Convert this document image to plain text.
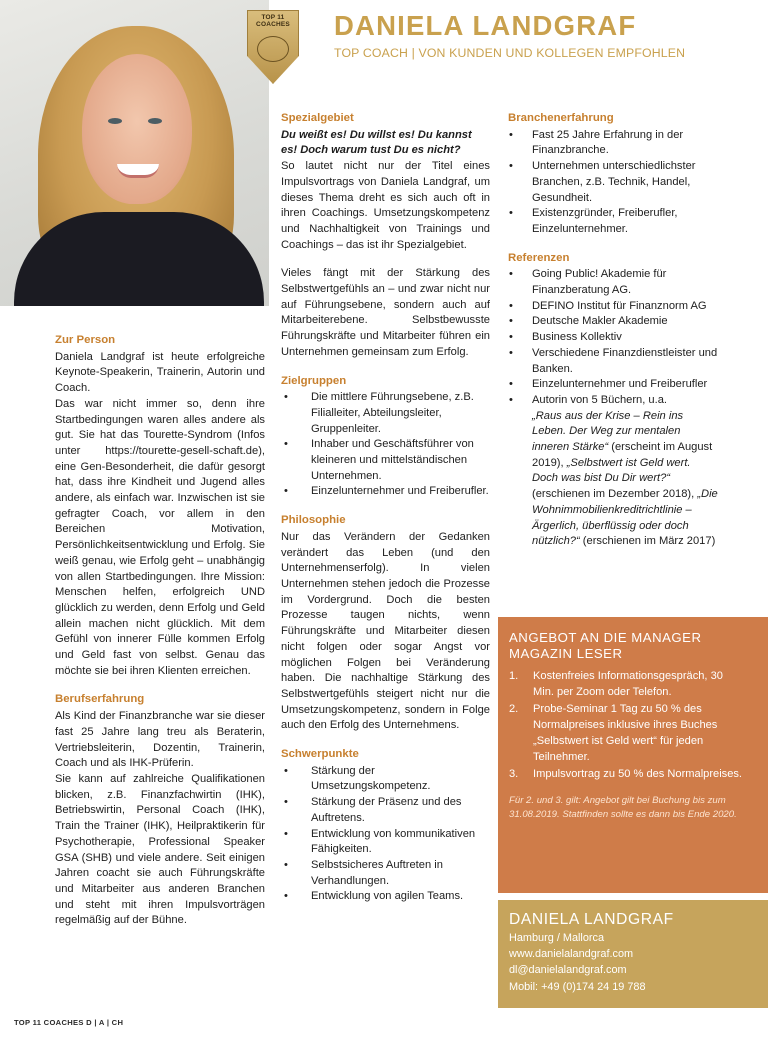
TOP 11 COACHES	DANIELA LANDGRAF
TOP COACH | VON KUNDEN UND KOLLEGEN EMPFOHLEN
Zur Person
Daniela Landgraf ist heute erfolgreiche Keynote-Speakerin, Trainerin, Autorin und Coach.
Das war nicht immer so, denn ihre Startbedingungen waren alles andere als gut. Sie hat das Tourette-Syndrom (Infos unter https://tourette-gesell-schaft.de), eine Gen-Besonderheit, die dafür gesorgt hat, dass ihre Kindheit und Jugend alles andere, als einfach war. Inzwischen ist sie gefragter Coach, vor allem in den Bereichen Motivation, Persönlichkeitsentwicklung und Erfolg. Sie weiß genau, wie Erfolg geht – unabhängig von allen Startbedingungen. Ihre Mission: Menschen helfen, erfolgreich UND glücklich zu werden, denn Erfolg und Geld allein machen nicht glücklich. Mit dem Gefühl von innerer Fülle kommen Erfolg und Geld fast von selbst. Genau das möchte sie bei ihren Klienten erreichen.
Berufserfahrung
Als Kind der Finanzbranche war sie dieser fast 25 Jahre lang treu als Beraterin, Vertriebsleiterin, Dozentin, Trainerin, Coach und als IHK-Prüferin.
Sie kann auf zahlreiche Qualifikationen blicken, z.B. Finanzfachwirtin (IHK), Betriebswirtin, Personal Coach (IHK), Train the Trainer (IHK), Heilpraktikerin für Psychotherapie, Professional Speaker GSA (SHB) und viele andere. Seit einigen Jahren coacht sie auch Führungskräfte und Mitarbeiter aus anderen Branchen und steht mit ihren Impulsvorträgen regelmäßig auf der Bühne.
Spezialgebiet
Du weißt es! Du willst es! Du kannst es! Doch warum tust Du es nicht?
So lautet nicht nur der Titel eines Impulsvortrags von Daniela Landgraf, um dieses Thema dreht es sich auch oft in ihren Coachings. Umsetzungskompetenz und Nachhaltigkeit von Trainings und Coachings – das ist ihr Spezialgebiet.
Vieles fängt mit der Stärkung des Selbstwertgefühls an – und zwar nicht nur auf Führungsebene, sondern auch auf Mitarbeiterebene. Selbstbewusste Führungskräfte und Mitarbeiter führen ein Unternehmen gemeinsam zum Erfolg.
Zielgruppen
• Die mittlere Führungsebene, z.B. Filialleiter, Abteilungsleiter, Gruppenleiter.
• Inhaber und Geschäftsführer von kleineren und mittelständischen Unternehmen.
• Einzelunternehmer und Freiberufler.
Philosophie
Nur das Verändern der Gedanken verändert das Leben (und den Unternehmenserfolg). In vielen Unternehmen stehen jedoch die Prozesse im Vordergrund. Doch die besten Prozesse taugen nichts, wenn Führungskräfte und Mitarbeiter diesen nicht folgen oder sogar Angst vor möglichen Folgen bei Veränderung haben. Die nachhaltige Stärkung des Selbstwertgefühls steigert nicht nur die Umsetzungskompetenz, sondern in Folge auch den Erfolg des Unternehmens.
Schwerpunkte
• Stärkung der Umsetzungskompetenz.
• Stärkung der Präsenz und des Auftretens.
• Entwicklung von kommunikativen Fähigkeiten.
• Selbstsicheres Auftreten in Verhandlungen.
• Entwicklung von agilen Teams.
Branchenerfahrung
• Fast 25 Jahre Erfahrung in der Finanzbranche.
• Unternehmen unterschiedlichster Branchen, z.B. Technik, Handel, Gesundheit.
• Existenzgründer, Freiberufler, Einzelunternehmer.
Referenzen
• Going Public! Akademie für Finanzberatung AG.
• DEFINO Institut für Finanznorm AG
• Deutsche Makler Akademie
• Business Kollektiv
• Verschiedene Finanzdienstleister und Banken.
• Einzelunternehmer und Freiberufler
• Autorin von 5 Büchern, u.a.
„Raus aus der Krise – Rein ins Leben. Der Weg zur mentalen inneren Stärke“ (erscheint im August 2019), „Selbstwert ist Geld wert. Doch was bist Du Dir wert?“ (erschienen im Dezember 2018), „Die Wohnimmobilienkreditrichtlinie – Ärgerlich, überflüssig oder doch nützlich?“ (erschienen im März 2017)
ANGEBOT AN DIE MANAGER MAGAZIN LESER
1. Kostenfreies Informationsgespräch, 30 Min. per Zoom oder Telefon.
2. Probe-Seminar 1 Tag zu 50 % des Normalpreises inklusive ihres Buches „Selbstwert ist Geld wert“ für jeden Teilnehmer.
3. Impulsvortrag zu 50 % des Normalpreises.
Für 2. und 3. gilt: Angebot gilt bei Buchung bis zum 31.08.2019. Stattfinden sollte es dann bis Ende 2020.
DANIELA LANDGRAF
Hamburg / Mallorca
www.danielalandgraf.com
dl@danielalandgraf.com
Mobil: +49 (0)174 24 19 788
TOP 11 COACHES D | A | CH
